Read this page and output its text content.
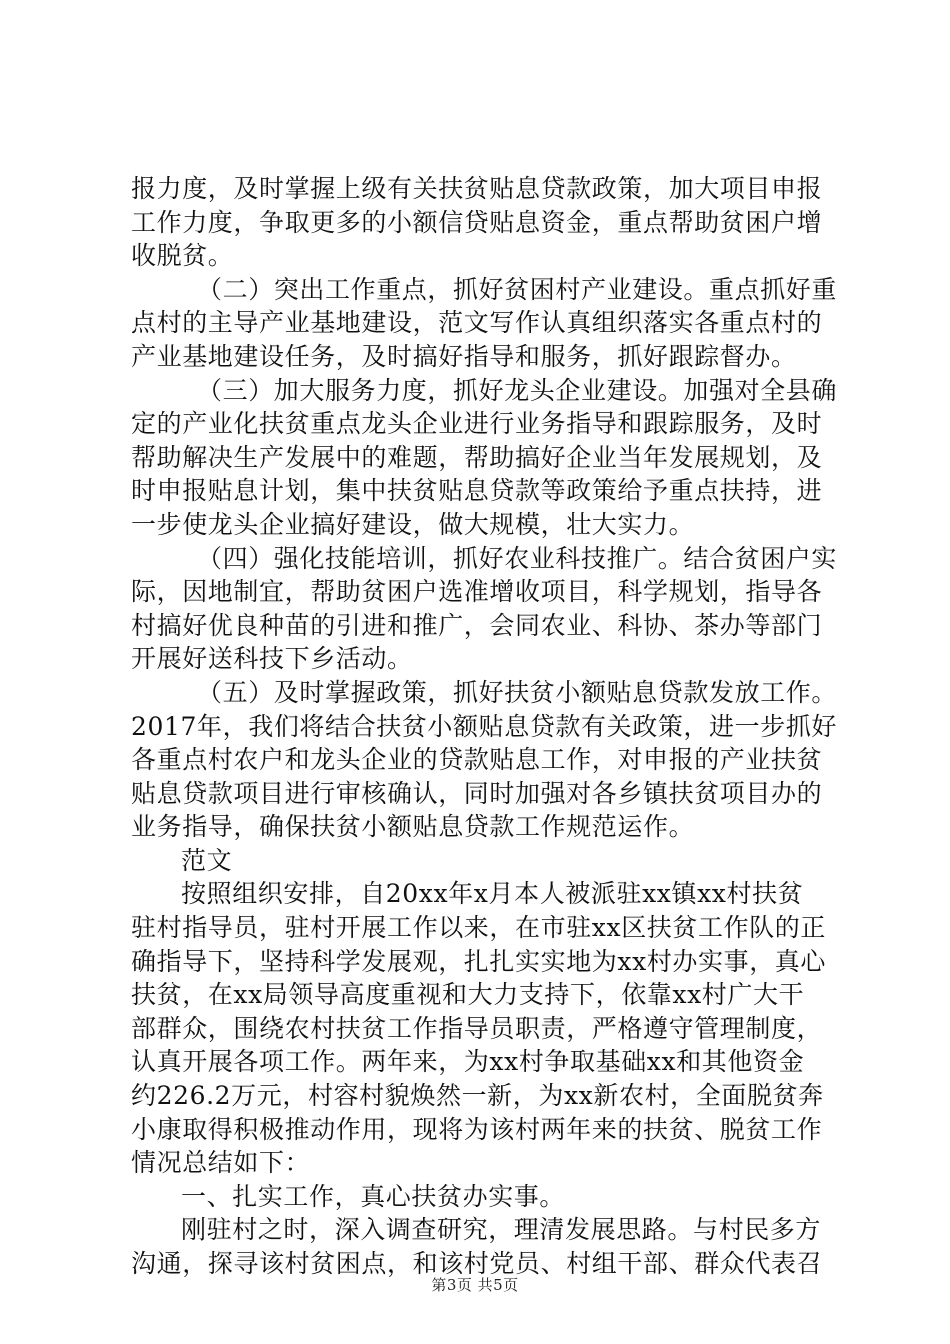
报力度，及时掌握上级有关扶贫贴息贷款政策，加大项目申报
工作力度，争取更多的小额信贷贴息资金，重点帮助贫困户增
收脱贫。
（二）突出工作重点，抓好贫困村产业建设。重点抓好重
点村的主导产业基地建设，范文写作认真组织落实各重点村的
产业基地建设任务，及时搞好指导和服务，抓好跟踪督办。
（三）加大服务力度，抓好龙头企业建设。加强对全县确
定的产业化扶贫重点龙头企业进行业务指导和跟踪服务，及时
帮助解决生产发展中的难题，帮助搞好企业当年发展规划，及
时申报贴息计划，集中扶贫贴息贷款等政策给予重点扶持，进
一步使龙头企业搞好建设，做大规模，壮大实力。
（四）强化技能培训，抓好农业科技推广。结合贫困户实
际，因地制宜，帮助贫困户选准增收项目，科学规划，指导各
村搞好优良种苗的引进和推广，会同农业、科协、茶办等部门
开展好送科技下乡活动。
（五）及时掌握政策，抓好扶贫小额贴息贷款发放工作。
2017年，我们将结合扶贫小额贴息贷款有关政策，进一步抓好
各重点村农户和龙头企业的贷款贴息工作，对申报的产业扶贫
贴息贷款项目进行审核确认，同时加强对各乡镇扶贫项目办的
业务指导，确保扶贫小额贴息贷款工作规范运作。
范文
按照组织安排，自20xx年x月本人被派驻xx镇xx村扶贫
驻村指导员，驻村开展工作以来，在市驻xx区扶贫工作队的正
确指导下，坚持科学发展观，扎扎实实地为xx村办实事，真心
扶贫，在xx局领导高度重视和大力支持下，依靠xx村广大干
部群众，围绕农村扶贫工作指导员职责，严格遵守管理制度，
认真开展各项工作。两年来，为xx村争取基础xx和其他资金
约226.2万元，村容村貌焕然一新，为xx新农村，全面脱贫奔
小康取得积极推动作用，现将为该村两年来的扶贫、脱贫工作
情况总结如下：
一、扎实工作，真心扶贫办实事。
刚驻村之时，深入调查研究，理清发展思路。与村民多方
沟通，探寻该村贫困点，和该村党员、村组干部、群众代表召
第3页 共5页
